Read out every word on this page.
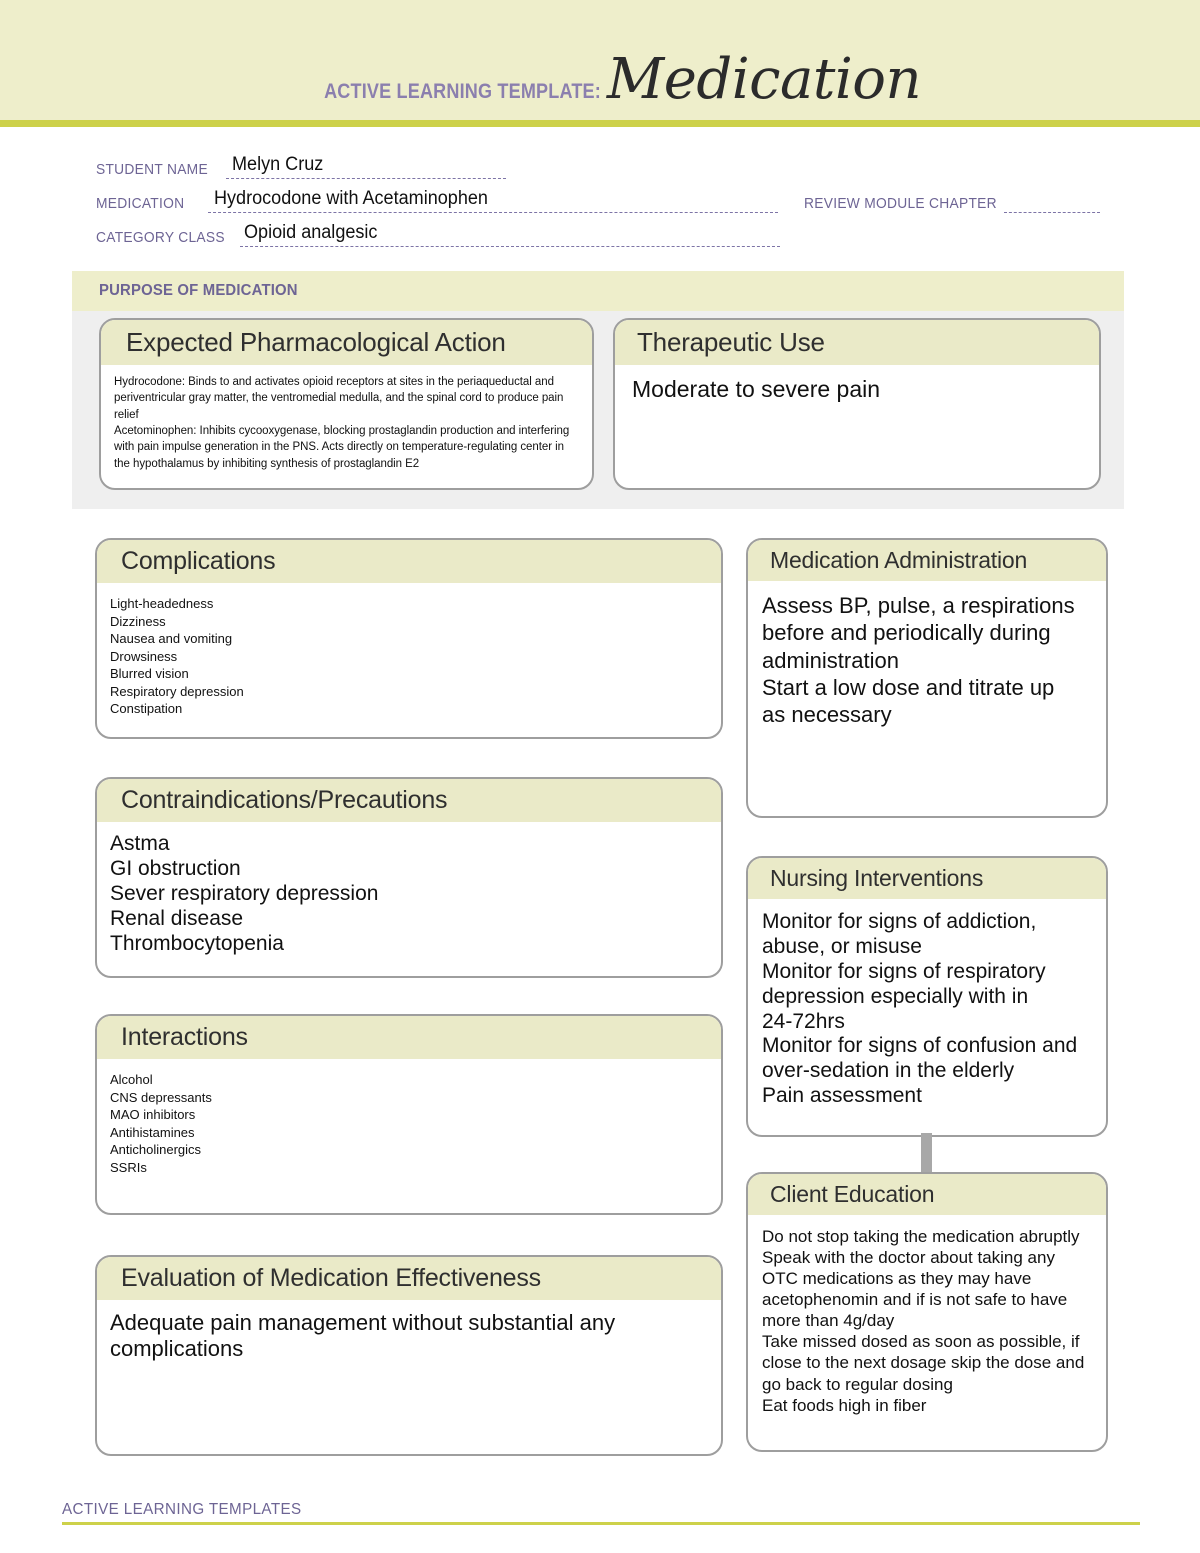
ACTIVE LEARNING TEMPLATE: Medication
STUDENT NAME Melyn Cruz
MEDICATION Hydrocodone with Acetaminophen	REVIEW MODULE CHAPTER
CATEGORY CLASS Opioid analgesic
PURPOSE OF MEDICATION
Expected Pharmacological Action
Hydrocodone: Binds to and activates opioid receptors at sites in the periaqueductal and periventricular gray matter, the ventromedial medulla, and the spinal cord to produce pain relief
Acetominophen: Inhibits cycooxygenase, blocking prostaglandin production and interfering with pain impulse generation in the PNS. Acts directly on temperature-regulating center in the hypothalamus by inhibiting synthesis of prostaglandin E2
Therapeutic Use
Moderate to severe pain
Complications
Light-headedness
Dizziness
Nausea and vomiting
Drowsiness
Blurred vision
Respiratory depression
Constipation
Contraindications/Precautions
Astma
GI obstruction
Sever respiratory depression
Renal disease
Thrombocytopenia
Interactions
Alcohol
CNS depressants
MAO inhibitors
Antihistamines
Anticholinergics
SSRIs
Evaluation of Medication Effectiveness
Adequate pain management without substantial any complications
Medication Administration
Assess BP, pulse, a respirations
before and periodically during
administration
Start a low dose and titrate up
as necessary
Nursing Interventions
Monitor for signs of addiction,
abuse, or misuse
Monitor for signs of respiratory
depression especially with in
24-72hrs
Monitor for signs of confusion and
over-sedation in the elderly
Pain assessment
Client Education
Do not stop taking the medication abruptly
Speak with the doctor about taking any
OTC medications as they may have
acetophenomin and if is not safe to have
more than 4g/day
Take missed dosed as soon as possible, if
close to the next dosage skip the dose and
go back to regular dosing
Eat foods high in fiber
ACTIVE LEARNING TEMPLATES
